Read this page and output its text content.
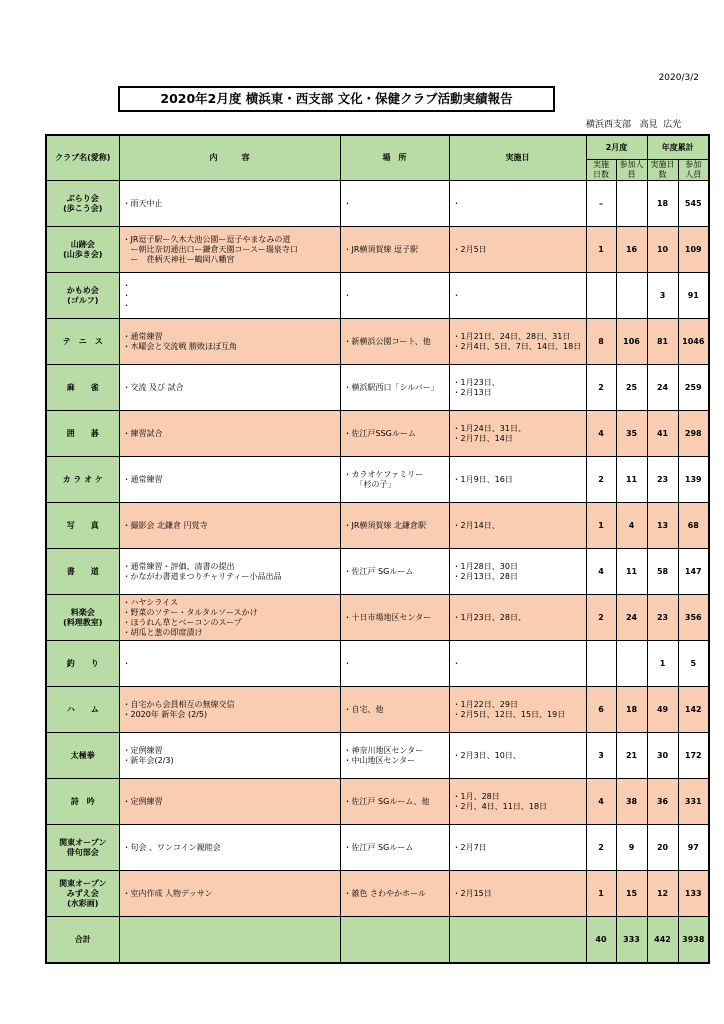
2020/3/2
2020年2月度 横浜東・西支部 文化・保健クラブ活動実績報告
横浜西支部   高見  広光
クラブ名(愛称)	内　　　容	場　所	実施日	2月度		年度累計	
				実施日数	参加人員	実施日数	参加人員

ぶらり会
(歩こう会)	・雨天中止	・	・	–		18	545

山跡会
(山歩き会)	・JR逗子駅ー久木大池公園ー逗子やまなみの道
　ー朝比奈切通出口ー鎌倉天園コースー瑞泉寺口
　ー　荏柄天神社ー鶴岡八幡宮	・JR横須賀線 逗子駅	・2月5日	1	16	10	109

かもめ会
(ゴルフ)	・
・
・	・	・			3	91

テ　ニ　ス	・通常練習
・木曜会と交流戦 勝敗ほぼ互角	・新横浜公園コート、他	・1月21日、24日、28日、31日
・2月4日、5日、7日、14日、18日	8	106	81	1046

麻　　雀	・交流 及び 試合	・横浜駅西口「シルバー」	・1月23日、
・2月13日	2	25	24	259

囲　　碁	・練習試合	・佐江戸SSGルーム	・1月24日、31日、
・2月7日、14日	4	35	41	298

カ ラ オ ケ	・通常練習	・カラオケファミリー
　　「杉の子」	・1月9日、16日	2	11	23	139

写　　真	・撮影会 北鎌倉 円覚寺	・JR横須賀線 北鎌倉駅	・2月14日、	1	4	13	68

書　　道	・通常練習・評価、清書の提出
・かながわ書道まつりチャリティー小品出品	・佐江戸 SGルーム	・1月28日、30日
・2月13日、28日	4	11	58	147

料楽会
(料理教室)	・ハヤシライス
・野菜のソテー・タルタルソースかけ
・ほうれん草とベーコンのスープ
・胡瓜と葱の即席漬け	・十日市場地区センター	・1月23日、28日、	2	24	23	356

釣　　り	・	・	・			1	5

ハ　　ム	・自宅から会員相互の無線交信
・2020年 新年会 (2/5)	・自宅、他	・1月22日、29日
・2月5日、12日、15日、19日	6	18	49	142

太極拳	・定例練習
・新年会(2/3)	・神奈川地区センター
・中山地区センター	・2月3日、10日、	3	21	30	172

詩　吟	・定例練習	・佐江戸 SGルーム、他	・1月、28日
・2月、4日、11日、18日	4	38	36	331

関東オープン
俳句部会	・句会 、ワンコイン親睦会	・佐江戸 SGルーム	・2月7日	2	9	20	97

関東オープン
みずえ会
(水彩画)	・室内作成 人物デッサン	・雑色 さわやかホール	・2月15日	1	15	12	133
合計				40	333	442	3938
